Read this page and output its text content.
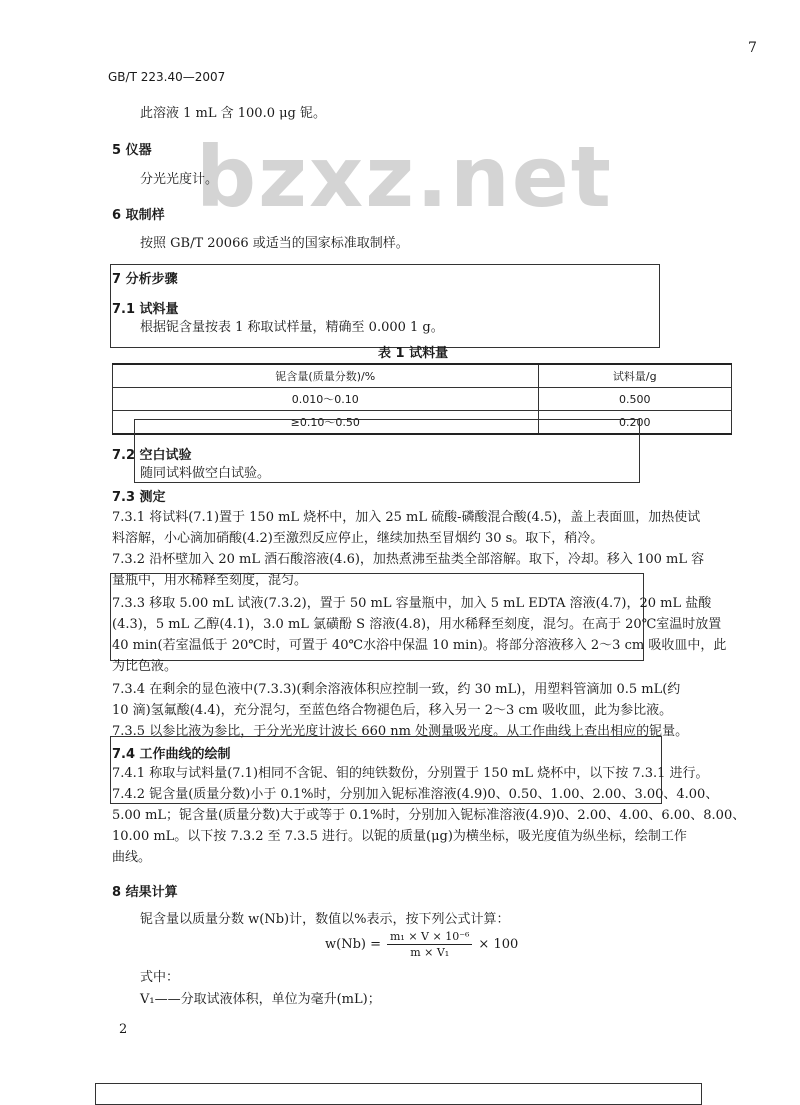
GB/T 223.40—2007
7
bzxz.net
此溶液 1 mL 含 100.0 μg 铌。
5 仪器
分光光度计。
6 取制样
按照 GB/T 20066 或适当的国家标准取制样。
7 分析步骤
7.1 试料量
根据铌含量按表 1 称取试样量，精确至 0.000 1 g。
表 1 试料量
铌含量(质量分数)/%	试料量/g
0.010～0.10	0.500
≥0.10～0.50	0.200
7.2 空白试验
随同试料做空白试验。
7.3 测定
7.3.1 将试料(7.1)置于 150 mL 烧杯中，加入 25 mL 硫酸-磷酸混合酸(4.5)，盖上表面皿，加热使试
料溶解，小心滴加硝酸(4.2)至激烈反应停止，继续加热至冒烟约 30 s。取下，稍冷。
7.3.2 沿杯壁加入 20 mL 酒石酸溶液(4.6)，加热煮沸至盐类全部溶解。取下，冷却。移入 100 mL 容
量瓶中，用水稀释至刻度，混匀。
7.3.3 移取 5.00 mL 试液(7.3.2)，置于 50 mL 容量瓶中，加入 5 mL EDTA 溶液(4.7)，20 mL 盐酸
(4.3)，5 mL 乙醇(4.1)，3.0 mL 氯磺酚 S 溶液(4.8)，用水稀释至刻度，混匀。在高于 20℃室温时放置
40 min(若室温低于 20℃时，可置于 40℃水浴中保温 10 min)。将部分溶液移入 2～3 cm 吸收皿中，此
为比色液。
7.3.4 在剩余的显色液中(7.3.3)(剩余溶液体积应控制一致，约 30 mL)，用塑料管滴加 0.5 mL(约
10 滴)氢氟酸(4.4)，充分混匀，至蓝色络合物褪色后，移入另一 2～3 cm 吸收皿，此为参比液。
7.3.5 以参比液为参比，于分光光度计波长 660 nm 处测量吸光度。从工作曲线上查出相应的铌量。
7.4 工作曲线的绘制
7.4.1 称取与试料量(7.1)相同不含铌、钼的纯铁数份，分别置于 150 mL 烧杯中，以下按 7.3.1 进行。
7.4.2 铌含量(质量分数)小于 0.1%时，分别加入铌标准溶液(4.9)0、0.50、1.00、2.00、3.00、4.00、
5.00 mL；铌含量(质量分数)大于或等于 0.1%时，分别加入铌标准溶液(4.9)0、2.00、4.00、6.00、8.00、
10.00 mL。以下按 7.3.2 至 7.3.5 进行。以铌的质量(μg)为横坐标，吸光度值为纵坐标，绘制工作
曲线。
8 结果计算
铌含量以质量分数 w(Nb)计，数值以%表示，按下列公式计算：
$w(Nb) = \frac{\text{m₁ × V × 10⁻⁶}}{\text{m × V₁}} \times 100$
式中：
V₁——分取试液体积，单位为毫升(mL)；
2
